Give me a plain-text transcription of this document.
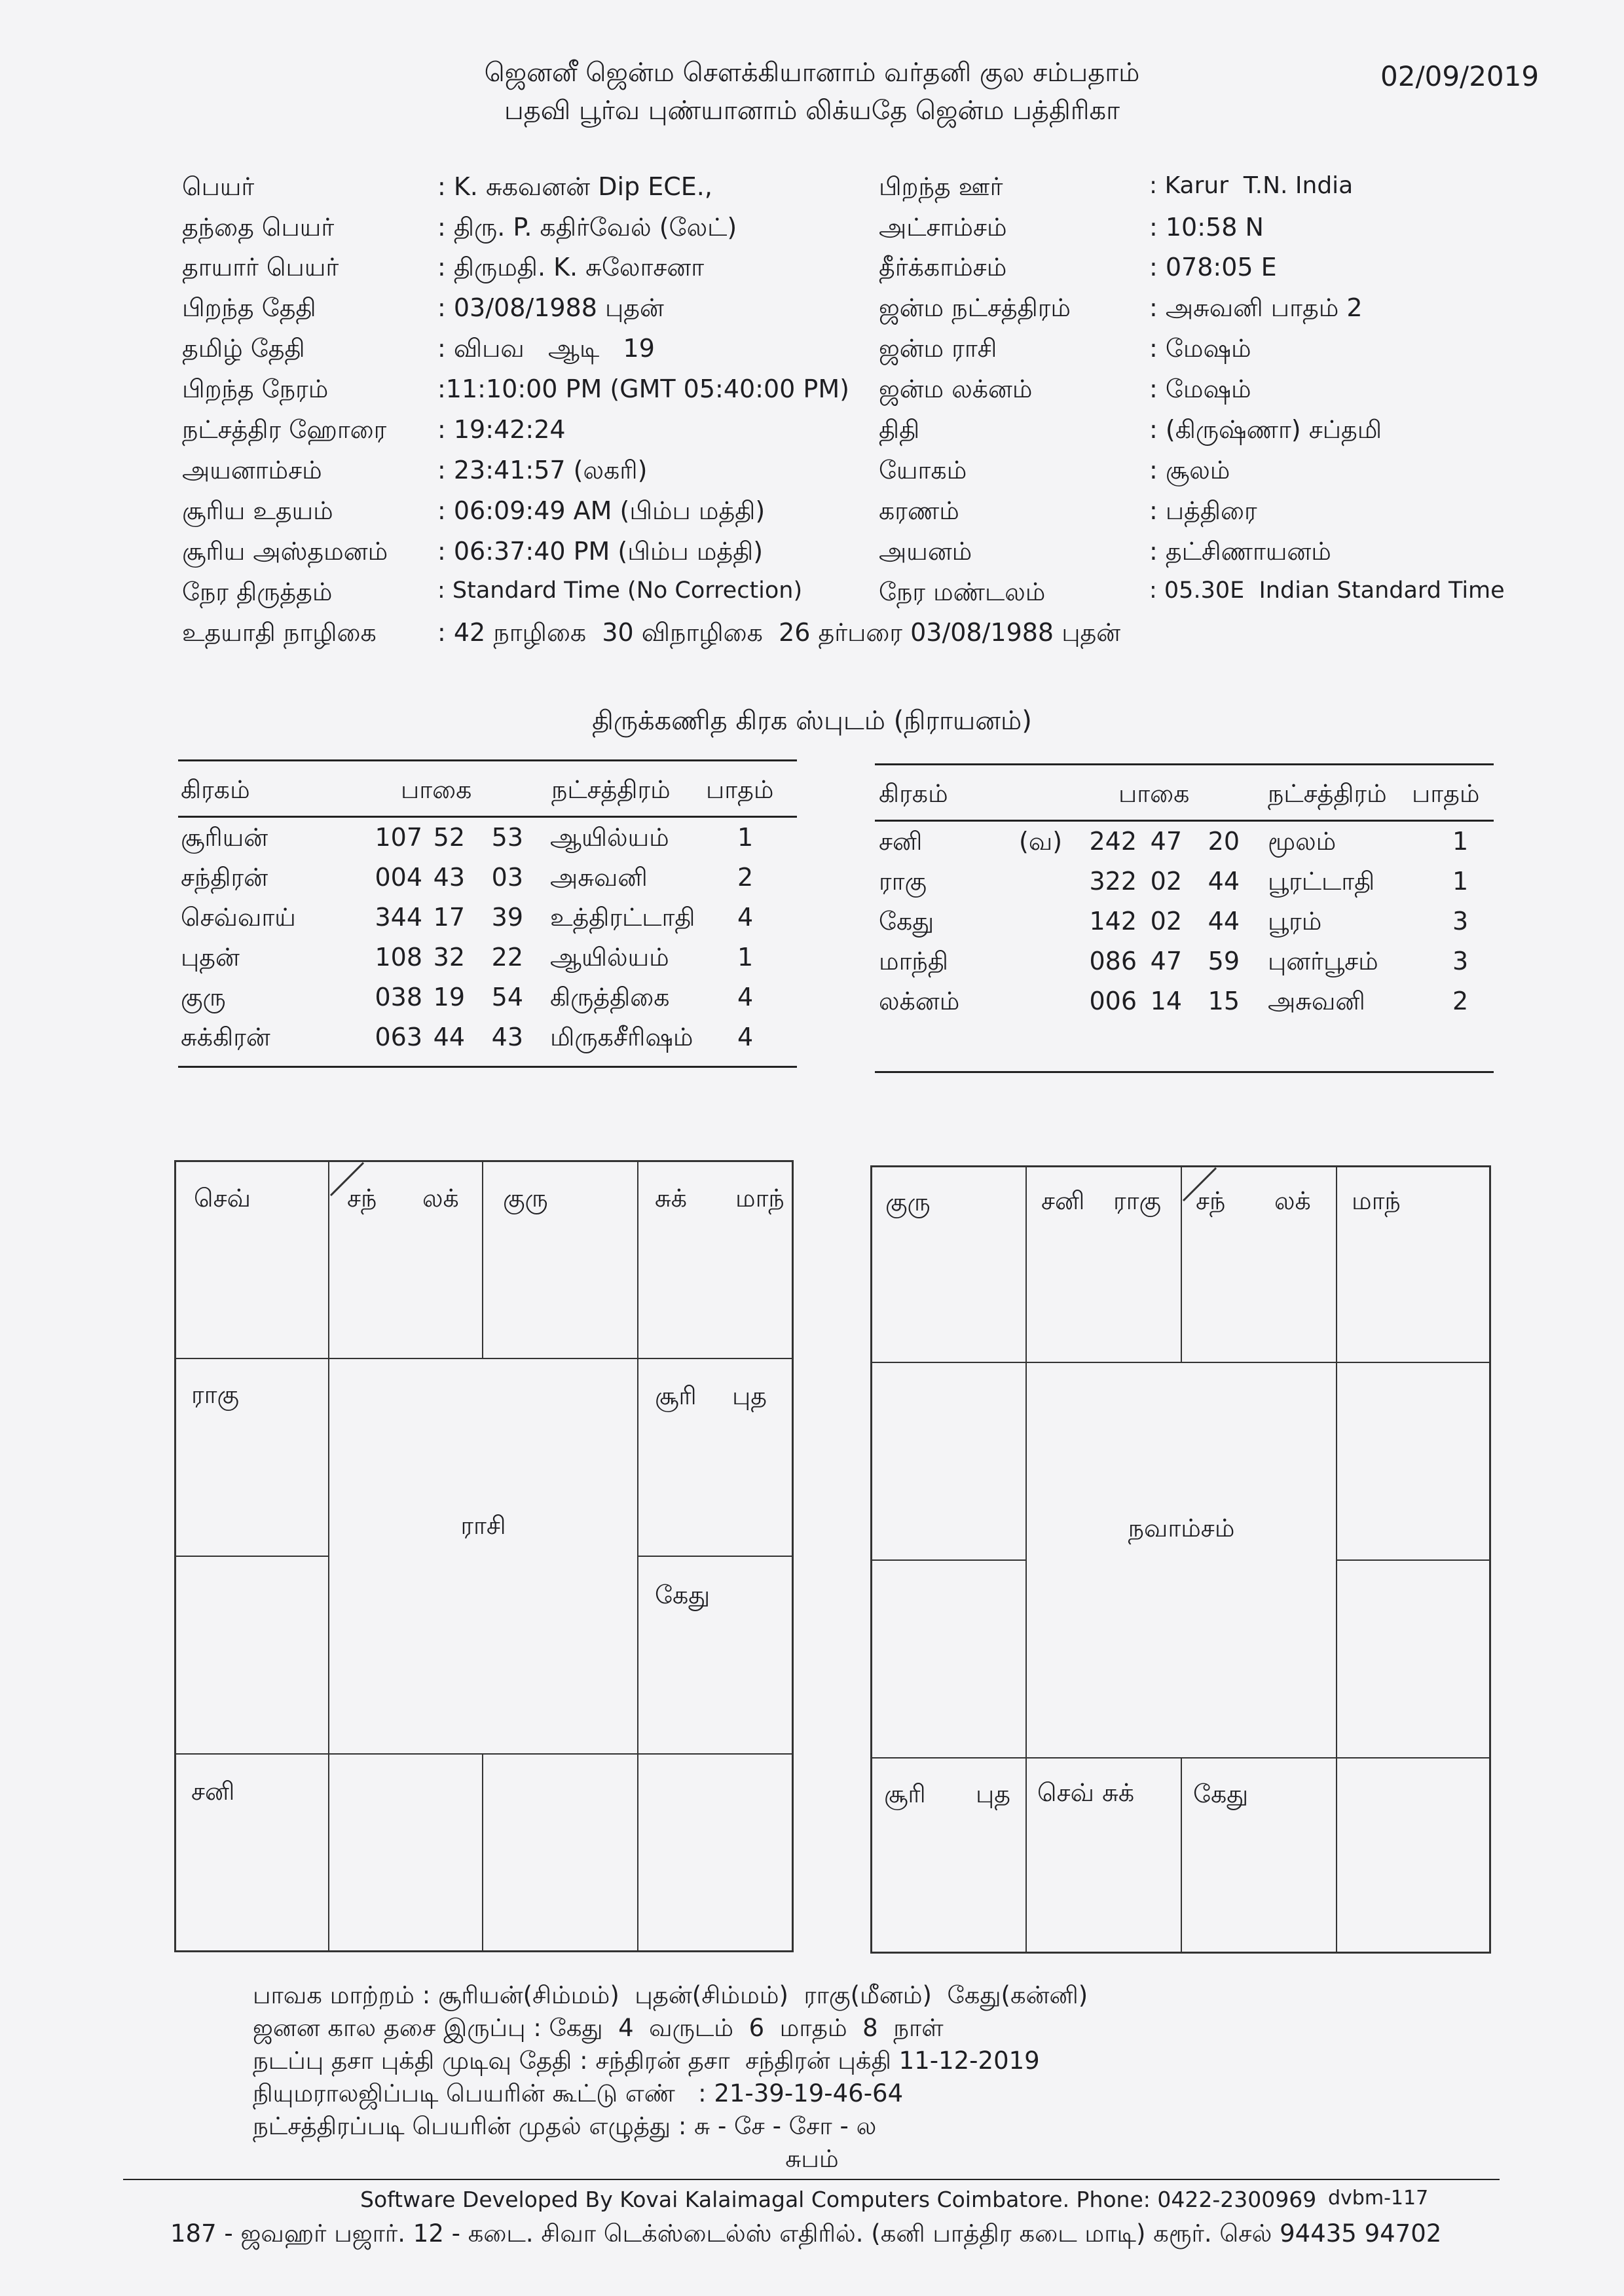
ஜெனனீ ஜென்ம செளக்கியானாம் வர்தனி குல சம்பதாம்
பதவி பூர்வ புண்யானாம் லிக்யதே ஜென்ம பத்திரிகா
02/09/2019
பெயர்	: K. சுகவனன் Dip ECE.,
தந்தை பெயர்	: திரு. P. கதிர்வேல் (லேட்)
தாயார் பெயர்	: திருமதி. K. சுலோசனா
பிறந்த தேதி	: 03/08/1988 புதன்
தமிழ் தேதி	: விபவ   ஆடி   19
பிறந்த நேரம்	:11:10:00 PM (GMT 05:40:00 PM)
நட்சத்திர ஹோரை : 19:42:24
அயனாம்சம்	: 23:41:57 (லகரி)
சூரிய உதயம்	: 06:09:49 AM (பிம்ப மத்தி)
சூரிய அஸ்தமனம் : 06:37:40 PM (பிம்ப மத்தி)
நேர திருத்தம்	: Standard Time (No Correction)
உதயாதி நாழிகை : 42 நாழிகை  30 விநாழிகை  26 தர்பரை 03/08/1988 புதன்
பிறந்த ஊர்	: Karur  T.N. India
அட்சாம்சம்	: 10:58 N
தீர்க்காம்சம்	: 078:05 E
ஜன்ம நட்சத்திரம்	: அசுவனி பாதம் 2
ஜன்ம ராசி	: மேஷம்
ஜன்ம லக்னம்	: மேஷம்
திதி	: (கிருஷ்ணா) சப்தமி
யோகம்	: சூலம்
கரணம்	: பத்திரை
அயனம்	: தட்சிணாயனம்
நேர மண்டலம்	: 05.30E  Indian Standard Time
திருக்கணித கிரக ஸ்புடம் (நிராயனம்)
கிரகம்	பாகை	நட்சத்திரம் பாதம்
சூரியன்	107 52	53 ஆயில்யம்	1
சந்திரன்	004 43	03 அசுவனி	2
செவ்வாய்	344 17	39 உத்திரட்டாதி 4
புதன்	108 32	22 ஆயில்யம்	1
குரு	038 19	54 கிருத்திகை	4
சுக்கிரன்	063 44	43 மிருகசீரிஷம் 4
கிரகம்	பாகை	நட்சத்திரம் பாதம்
சனி	(வ)	242 47	20 மூலம்	1
ராகு	322 02	44 பூரட்டாதி	1
கேது	142 02	44 பூரம்	3
மாந்தி	086 47	59 புனர்பூசம்	3
லக்னம்	006 14	15 அசுவனி	2
செவ்	சந் லக் குரு	சுக் மாந்
ராகு	சூரி புத
கேது
சனி
ராசி
குரு	சனி ராகு சந் லக் மாந்
சூரி புத செவ் சுக் கேது
நவாம்சம்
பாவக மாற்றம் : சூரியன்(சிம்மம்)  புதன்(சிம்மம்)  ராகு(மீனம்)  கேது(கன்னி)
ஜனன கால தசை இருப்பு : கேது  4  வருடம்  6  மாதம்  8  நாள்
நடப்பு தசா புக்தி முடிவு தேதி : சந்திரன் தசா  சந்திரன் புக்தி 11-12-2019
நியுமராலஜிப்படி பெயரின் கூட்டு எண்   : 21-39-19-46-64
நட்சத்திரப்படி பெயரின் முதல் எழுத்து : சு - சே - சோ - ல
சுபம்
Software Developed By Kovai Kalaimagal Computers Coimbatore. Phone: 0422-2300969 dvbm-117
187 - ஜவஹர் பஜார். 12 - கடை. சிவா டெக்ஸ்டைல்ஸ் எதிரில். (கனி பாத்திர கடை மாடி) கரூர். செல் 94435 94702
